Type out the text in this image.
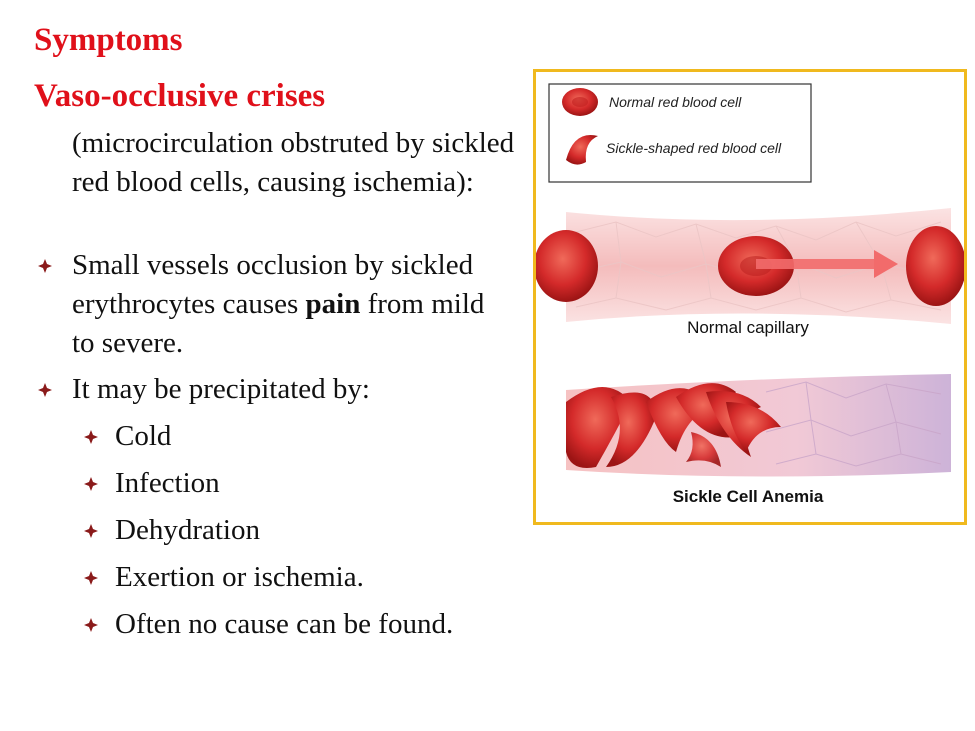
Symptoms
Vaso-occlusive crises

(microcirculation obstruted by sickled red blood cells, causing ischemia):

Small vessels occlusion by sickled erythrocytes causes pain from mild to severe.
It may be precipitated by:
Cold
Infection
Dehydration
Exertion or ischemia.
Often no cause can be found.
Normal red blood cell
Sickle-shaped red blood cell
Normal capillary
Sickle Cell Anemia
